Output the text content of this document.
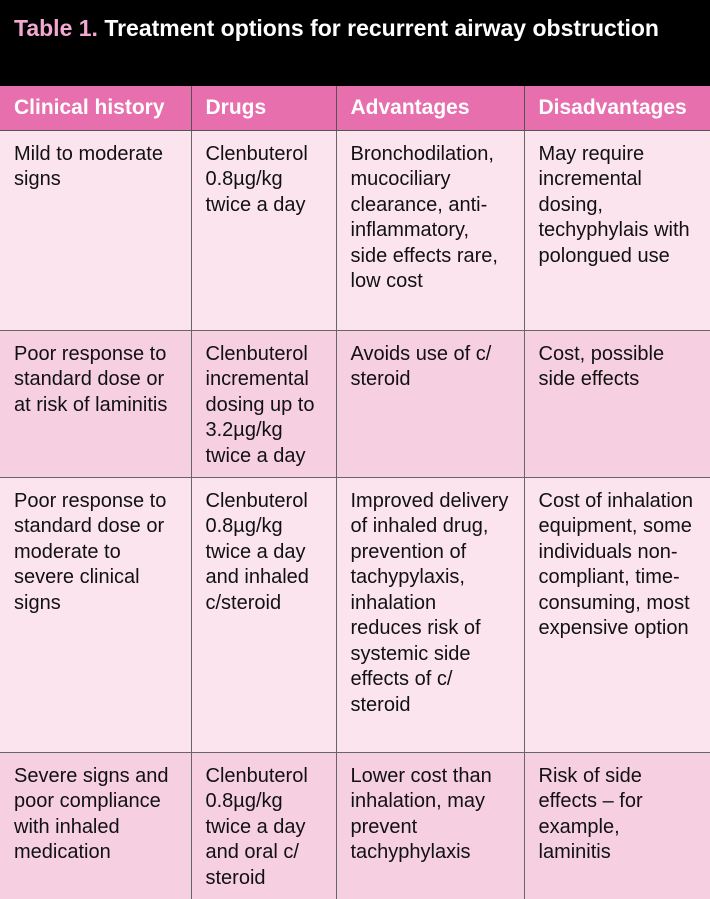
Table 1. Treatment options for recurrent airway obstruction
Clinical history	Drugs	Advantages	Disadvantages
Mild to moderate signs	Clenbuterol 0.8µg/kg twice a day	Bronchodilation, mucociliary clearance, anti-inflammatory, side effects rare, low cost	May require incremental dosing, techyphylais with polongued use
Poor response to standard dose or at risk of laminitis	Clenbuterol incremental dosing up to 3.2µg/kg twice a day	Avoids use of c/ steroid	Cost, possible side effects
Poor response to standard dose or moderate to severe clinical signs	Clenbuterol 0.8µg/kg twice a day and inhaled c/steroid	Improved delivery of inhaled drug, prevention of tachypylaxis, inhalation reduces risk of systemic side effects of c/ steroid	Cost of inhalation equipment, some individuals non-compliant, time-consuming, most expensive option
Severe signs and poor compliance with inhaled medication	Clenbuterol 0.8µg/kg twice a day and oral c/ steroid	Lower cost than inhalation, may prevent tachyphylaxis	Risk of side effects – for example, laminitis
